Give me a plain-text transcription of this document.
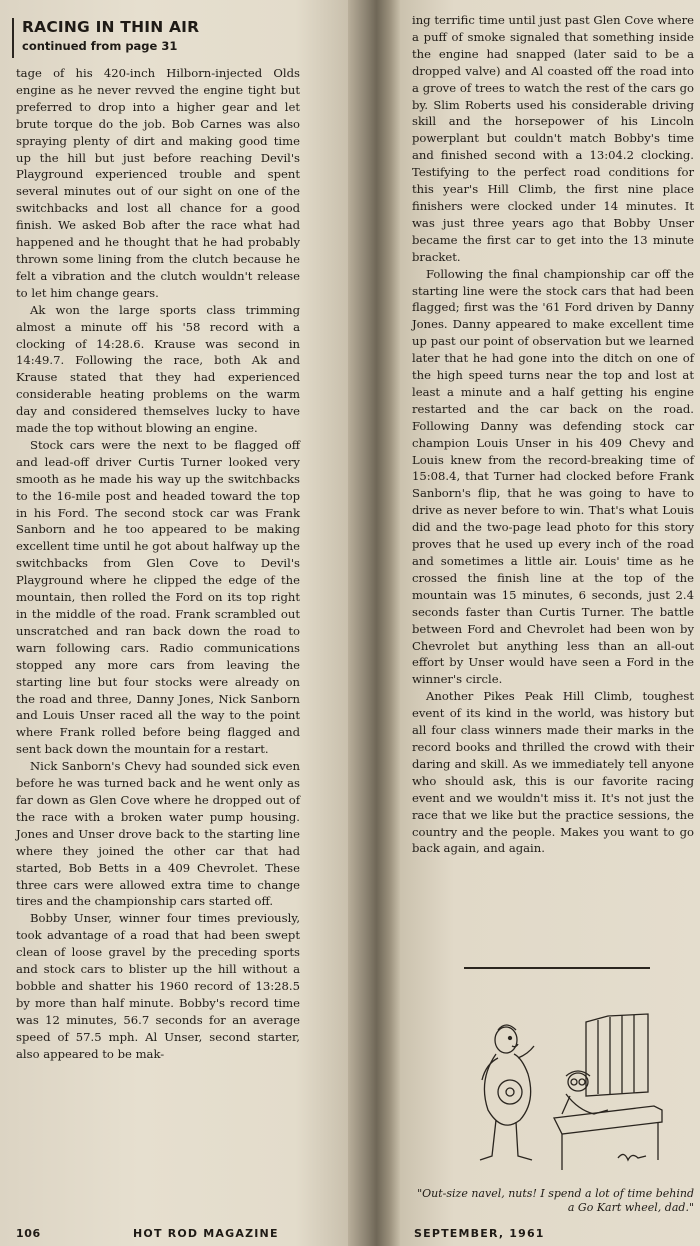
RACING IN THIN AIR

continued from page 31

tage of his 420-inch Hilborn-injected Olds engine as he never revved the engine tight but preferred to drop into a higher gear and let brute torque do the job. Bob Carnes was also spraying plenty of dirt and making good time up the hill but just before reaching Devil's Playground experienced trouble and spent several minutes out of our sight on one of the switchbacks and lost all chance for a good finish. We asked Bob after the race what had happened and he thought that he had probably thrown some lining from the clutch because he felt a vibration and the clutch wouldn't release to let him change gears.

Ak won the large sports class trimming almost a minute off his '58 record with a clocking of 14:28.6. Krause was second in 14:49.7. Following the race, both Ak and Krause stated that they had experienced considerable heating problems on the warm day and considered themselves lucky to have made the top without blowing an engine.

Stock cars were the next to be flagged off and lead-off driver Curtis Turner looked very smooth as he made his way up the switchbacks to the 16-mile post and headed toward the top in his Ford. The second stock car was Frank Sanborn and he too appeared to be making excellent time until he got about halfway up the switchbacks from Glen Cove to Devil's Playground where he clipped the edge of the mountain, then rolled the Ford on its top right in the middle of the road. Frank scrambled out unscratched and ran back down the road to warn following cars. Radio communications stopped any more cars from leaving the starting line but four stocks were already on the road and three, Danny Jones, Nick Sanborn and Louis Unser raced all the way to the point where Frank rolled before being flagged and sent back down the mountain for a restart.

Nick Sanborn's Chevy had sounded sick even before he was turned back and he went only as far down as Glen Cove where he dropped out of the race with a broken water pump housing. Jones and Unser drove back to the starting line where they joined the other car that had started, Bob Betts in a 409 Chevrolet. These three cars were allowed extra time to change tires and the championship cars started off.

Bobby Unser, winner four times previously, took advantage of a road that had been swept clean of loose gravel by the preceding sports and stock cars to blister up the hill without a bobble and shatter his 1960 record of 13:28.5 by more than half minute. Bobby's record time was 12 minutes, 56.7 seconds for an average speed of 57.5 mph. Al Unser, second starter, also appeared to be mak-

106	HOT ROD MAGAZINE

ing terrific time until just past Glen Cove where a puff of smoke signaled that something inside the engine had snapped (later said to be a dropped valve) and Al coasted off the road into a grove of trees to watch the rest of the cars go by. Slim Roberts used his considerable driving skill and the horsepower of his Lincoln powerplant but couldn't match Bobby's time and finished second with a 13:04.2 clocking. Testifying to the perfect road conditions for this year's Hill Climb, the first nine place finishers were clocked under 14 minutes. It was just three years ago that Bobby Unser became the first car to get into the 13 minute bracket.

Following the final championship car off the starting line were the stock cars that had been flagged; first was the '61 Ford driven by Danny Jones. Danny appeared to make excellent time up past our point of observation but we learned later that he had gone into the ditch on one of the high speed turns near the top and lost at least a minute and a half getting his engine restarted and the car back on the road. Following Danny was defending stock car champion Louis Unser in his 409 Chevy and Louis knew from the record-breaking time of 15:08.4, that Turner had clocked before Frank Sanborn's flip, that he was going to have to drive as never before to win. That's what Louis did and the two-page lead photo for this story proves that he used up every inch of the road and sometimes a little air. Louis' time as he crossed the finish line at the top of the mountain was 15 minutes, 6 seconds, just 2.4 seconds faster than Curtis Turner. The battle between Ford and Chevrolet had been won by Chevrolet but anything less than an all-out effort by Unser would have seen a Ford in the winner's circle.

Another Pikes Peak Hill Climb, toughest event of its kind in the world, was history but all four class winners made their marks in the record books and thrilled the crowd with their daring and skill. As we immediately tell anyone who should ask, this is our favorite racing event and we wouldn't miss it. It's not just the race that we like but the practice sessions, the country and the people. Makes you want to go back again, and again.

"Out-size navel, nuts! I spend a lot of time behind a Go Kart wheel, dad."

SEPTEMBER, 1961
